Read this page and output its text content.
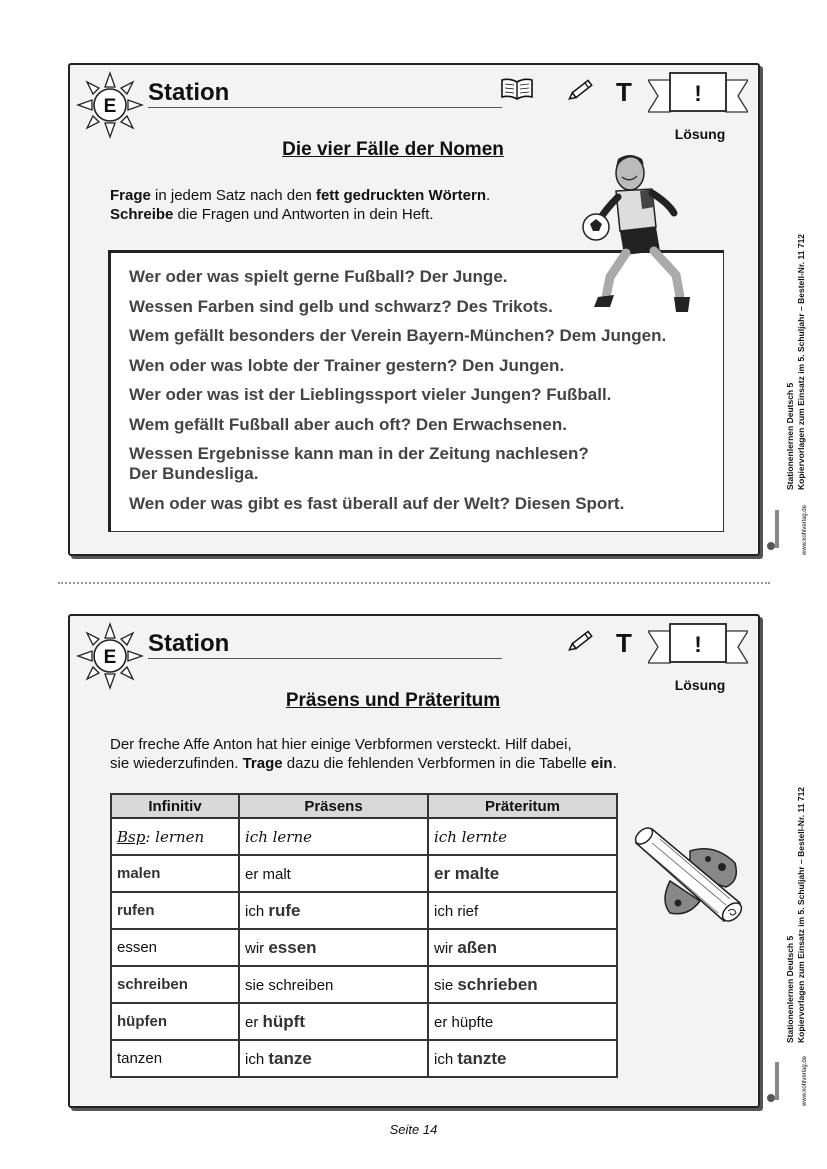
E
Station	T	!
Lösung
Die vier Fälle der Nomen
Frage in jedem Satz nach den fett gedruckten Wörtern.
Schreibe die Fragen und Antworten in dein Heft.

Wer oder was spielt gerne Fußball? Der Junge.

Wessen Farben sind gelb und schwarz? Des Trikots.

Wem gefällt besonders der Verein Bayern-München? Dem Jungen.

Wen oder was lobte der Trainer gestern? Den Jungen.

Wer oder was ist der Lieblingssport vieler Jungen? Fußball.

Wem gefällt Fußball aber auch oft? Den Erwachsenen.

Wessen Ergebnisse kann man in der Zeitung nachlesen?

Der Bundesliga.

Wen oder was gibt es fast überall auf der Welt? Diesen Sport.

Stationenlernen Deutsch 5 Kopiervorlagen zum Einsatz im 5. Schuljahr – Bestell-Nr. 11 712
www.kohlverlag.de
E
Station	T	!
Lösung
Präsens und Präteritum
Der freche Affe Anton hat hier einige Verbformen versteckt. Hilf dabei,
sie wiederzufinden. Trage dazu die fehlenden Verbformen in die Tabelle ein.
Infinitiv	Präsens	Präteritum
Bsp: lernen	ich lerne	ich lernte
malen	er malt	er malte
rufen	ich rufe	ich rief
essen	wir essen	wir aßen
schreiben	sie schreiben	sie schrieben
hüpfen	er hüpft	er hüpfte
tanzen	ich tanze	ich tanzte
Stationenlernen Deutsch 5 Kopiervorlagen zum Einsatz im 5. Schuljahr – Bestell-Nr. 11 712
www.kohlverlag.de
Seite 14
